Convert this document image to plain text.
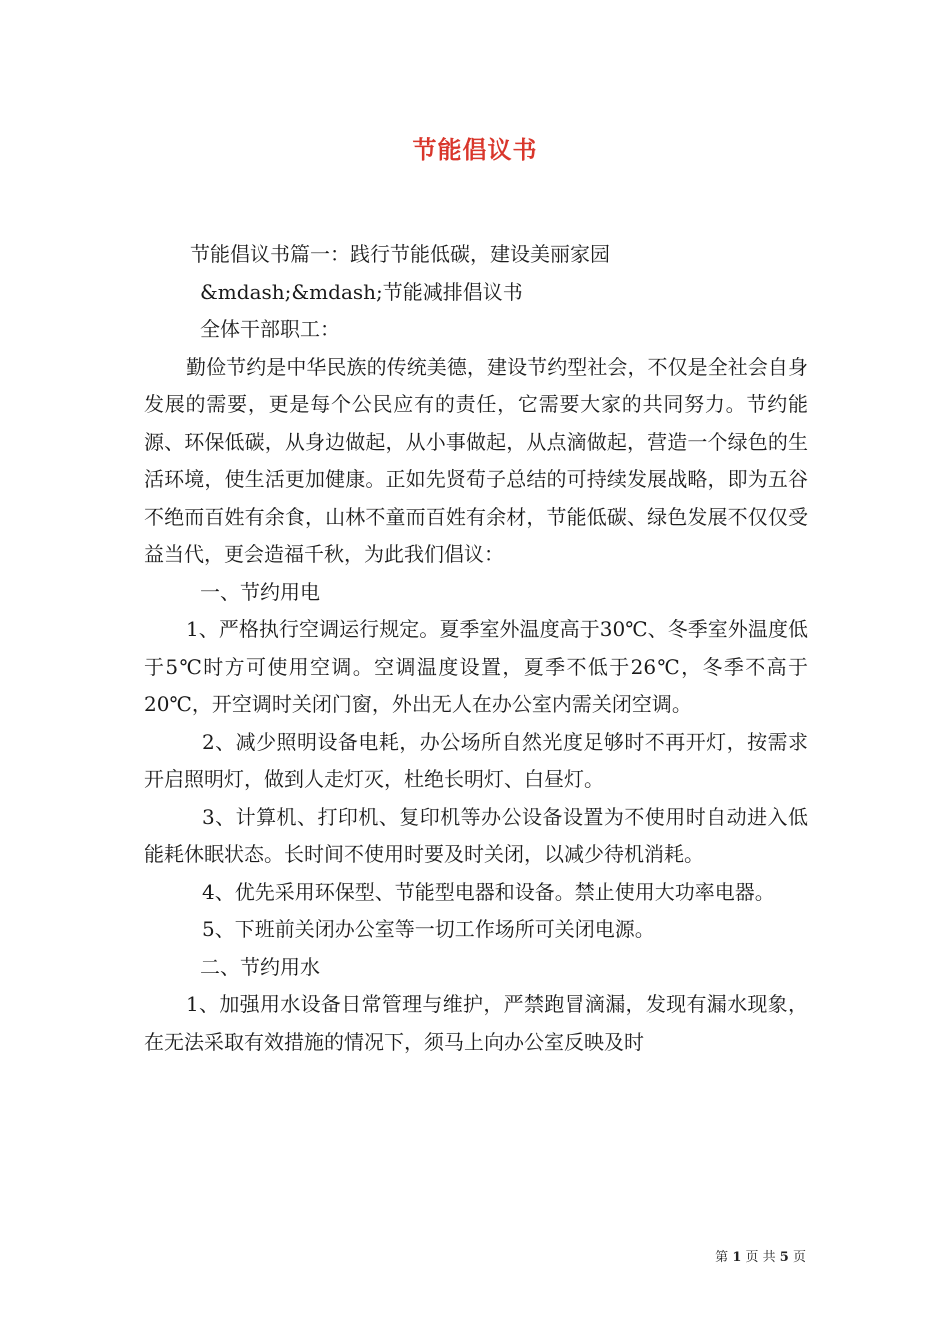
节能倡议书

节能倡议书篇一：践行节能低碳，建设美丽家园

&mdash;&mdash;节能减排倡议书

全体干部职工：

勤俭节约是中华民族的传统美德，建设节约型社会，不仅是全社会自身发展的需要，更是每个公民应有的责任，它需要大家的共同努力。节约能源、环保低碳，从身边做起，从小事做起，从点滴做起，营造一个绿色的生活环境，使生活更加健康。正如先贤荀子总结的可持续发展战略，即为五谷不绝而百姓有余食，山林不童而百姓有余材，节能低碳、绿色发展不仅仅受益当代，更会造福千秋，为此我们倡议：

一、节约用电

1、严格执行空调运行规定。夏季室外温度高于30℃、冬季室外温度低于5℃时方可使用空调。空调温度设置，夏季不低于26℃，冬季不高于20℃，开空调时关闭门窗，外出无人在办公室内需关闭空调。

2、减少照明设备电耗，办公场所自然光度足够时不再开灯，按需求开启照明灯，做到人走灯灭，杜绝长明灯、白昼灯。

3、计算机、打印机、复印机等办公设备设置为不使用时自动进入低能耗休眠状态。长时间不使用时要及时关闭，以减少待机消耗。

4、优先采用环保型、节能型电器和设备。禁止使用大功率电器。

5、下班前关闭办公室等一切工作场所可关闭电源。

二、节约用水

1、加强用水设备日常管理与维护，严禁跑冒滴漏，发现有漏水现象，在无法采取有效措施的情况下，须马上向办公室反映及时

第 1 页 共 5 页
